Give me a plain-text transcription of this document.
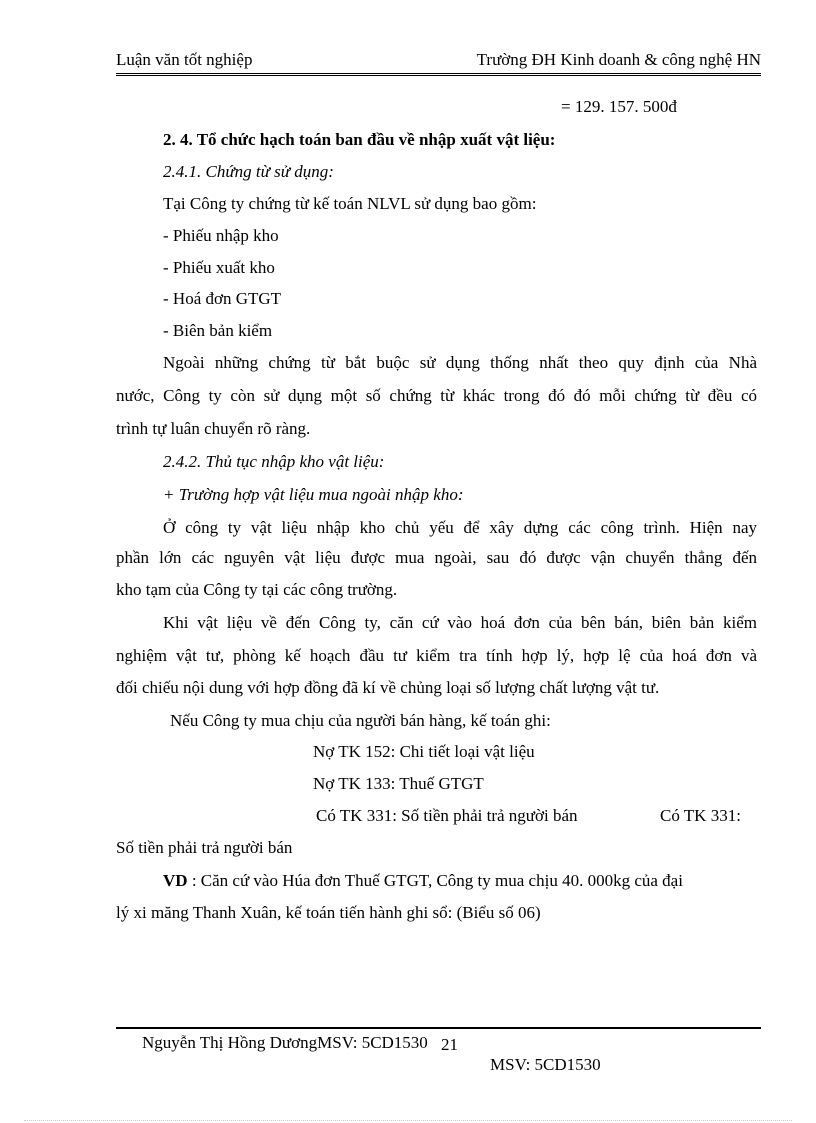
Luận văn tốt nghiệp	Trường ĐH Kinh doanh & công nghệ HN
= 129. 157. 500đ
2. 4. Tổ chức hạch toán ban đầu về nhập xuất vật liệu:
2.4.1. Chứng từ sử dụng:
Tại Công ty chứng từ kế toán NLVL sử dụng bao gồm:
- Phiếu nhập kho
- Phiếu xuất kho
- Hoá đơn GTGT
- Biên bản kiểm
Ngoài những chứng từ bắt buộc sử dụng thống nhất theo quy định của Nhà
nước, Công ty còn sử dụng một số chứng từ khác trong đó đó mỗi chứng từ đều có
trình tự luân chuyển rõ ràng.
2.4.2. Thủ tục nhập kho vật liệu:
+ Trường hợp vật liệu mua ngoài nhập kho:
Ở công ty vật liệu nhập kho chủ yếu để xây dựng các công trình. Hiện nay
phần lớn các nguyên vật liệu được mua ngoài, sau đó được vận chuyển thẳng đến
kho tạm của Công ty tại các công trường.
Khi vật liệu về đến Công ty, căn cứ vào hoá đơn của bên bán, biên bản kiểm
nghiệm vật tư, phòng kế hoạch đầu tư kiểm tra tính hợp lý, hợp lệ của hoá đơn và
đối chiếu nội dung với hợp đồng đã kí về chủng loại số lượng chất lượng vật tư.
Nếu Công ty mua chịu của người bán hàng, kế toán ghi:
Nợ TK 152: Chi tiết loại vật liệu
Nợ TK 133: Thuế GTGT
Có TK 331: Số tiền phải trả người bán	Có TK 331:
Số tiền phải trả người bán
VD : Căn cứ vào Húa đơn Thuế GTGT, Công ty mua chịu 40. 000kg của đại
lý xi măng Thanh Xuân, kế toán tiến hành ghi sổ: (Biểu số 06)
Nguyễn Thị Hồng DươngMSV: 5CD1530 21
MSV: 5CD1530
